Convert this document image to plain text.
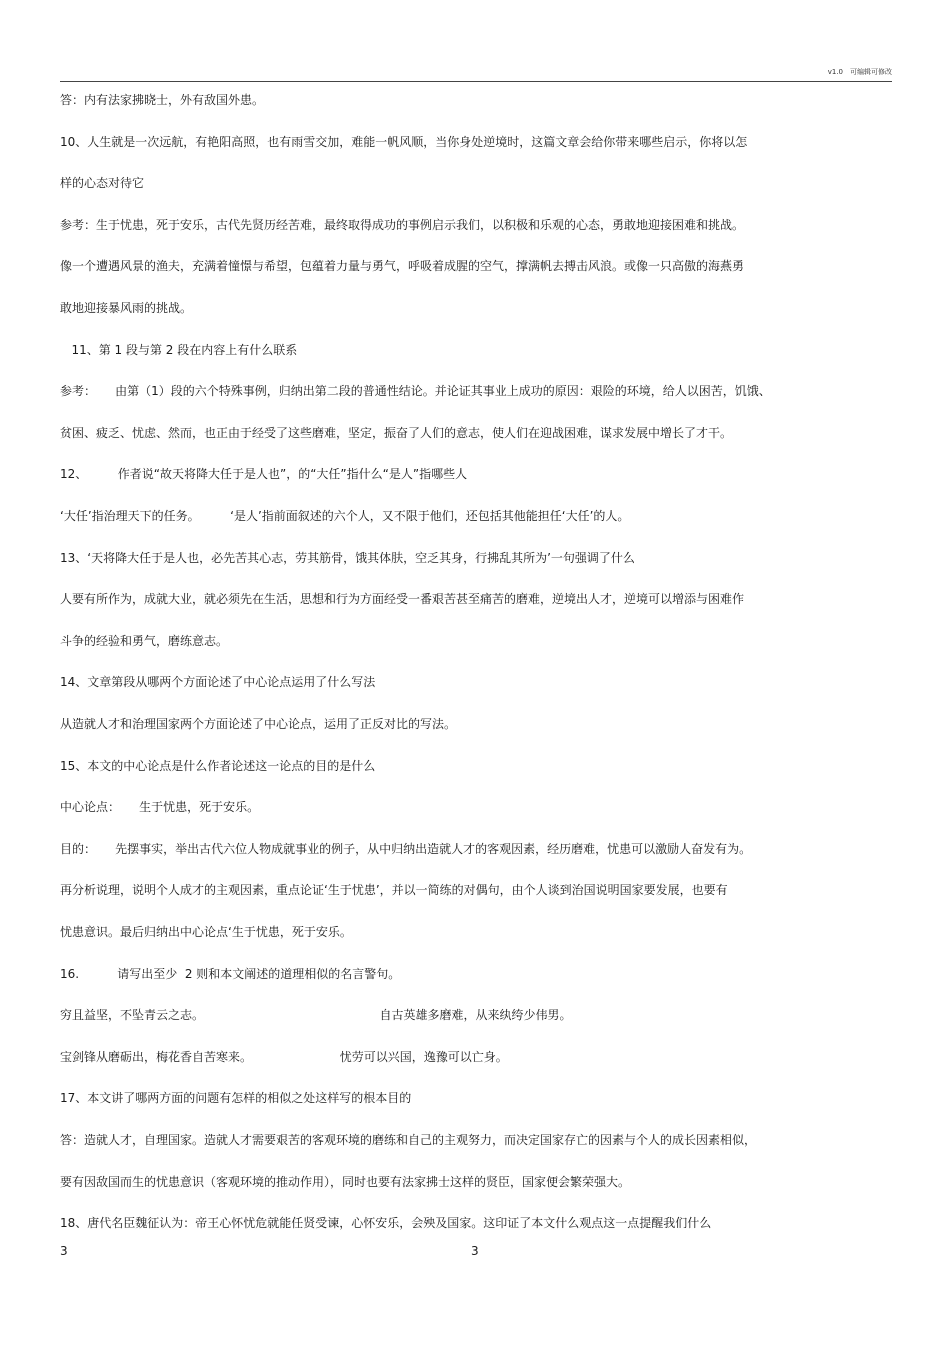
v1.0　可编辑可修改
答：内有法家拂晓士，外有敌国外患。
10、人生就是一次远航，有艳阳高照，也有雨雪交加，难能一帆风顺，当你身处逆境时，这篇文章会给你带来哪些启示，你将以怎
样的心态对待它
参考：生于忧患，死于安乐，古代先贤历经苦难，最终取得成功的事例启示我们，以积极和乐观的心态，勇敢地迎接困难和挑战。
像一个遭遇风景的渔夫，充满着憧憬与希望，包蕴着力量与勇气，呼吸着成腥的空气，撑满帆去搏击风浪。或像一只高傲的海燕勇
敢地迎接暴风雨的挑战。
11、第 1 段与第 2 段在内容上有什么联系
参考：     由第（1）段的六个特殊事例，归纳出第二段的普通性结论。并论证其事业上成功的原因：艰险的环境，给人以困苦，饥饿、
贫困、疲乏、忧虑、然而，也正由于经受了这些磨难，坚定，振奋了人们的意志，使人们在迎战困难，谋求发展中增长了才干。
12、        作者说“故天将降大任于是人也”，的“大任”指什么“是人”指哪些人
‘大任’指治理天下的任务。        ‘是人’指前面叙述的六个人，又不限于他们，还包括其他能担任‘大任’的人。
13、‘天将降大任于是人也，必先苦其心志，劳其筋骨，饿其体肤，空乏其身，行拂乱其所为’一句强调了什么
人要有所作为，成就大业，就必须先在生活，思想和行为方面经受一番艰苦甚至痛苦的磨难，逆境出人才，逆境可以增添与困难作
斗争的经验和勇气，磨练意志。
14、文章第段从哪两个方面论述了中心论点运用了什么写法
从造就人才和治理国家两个方面论述了中心论点，运用了正反对比的写法。
15、本文的中心论点是什么作者论述这一论点的目的是什么
中心论点：     生于忧患，死于安乐。
目的：     先摆事实，举出古代六位人物成就事业的例子，从中归纳出造就人才的客观因素，经历磨难，忧患可以激励人奋发有为。
再分析说理，说明个人成才的主观因素，重点论证‘生于忧患’，并以一简练的对偶句，由个人谈到治国说明国家要发展，也要有
忧患意识。最后归纳出中心论点‘生于忧患，死于安乐。
16.          请写出至少  2 则和本文阐述的道理相似的名言警句。
穷且益坚，不坠青云之志。                                              自古英雄多磨难，从来纨绔少伟男。
宝剑锋从磨砺出，梅花香自苦寒来。                       忧劳可以兴国，逸豫可以亡身。
17、本文讲了哪两方面的问题有怎样的相似之处这样写的根本目的
答：造就人才，自理国家。造就人才需要艰苦的客观环境的磨练和自己的主观努力，而决定国家存亡的因素与个人的成长因素相似，
要有因敌国而生的忧患意识（客观环境的推动作用），同时也要有法家拂士这样的贤臣，国家便会繁荣强大。
18、唐代名臣魏征认为：帝王心怀忧危就能任贤受谏，心怀安乐，会殃及国家。这印证了本文什么观点这一点提醒我们什么
3	3
